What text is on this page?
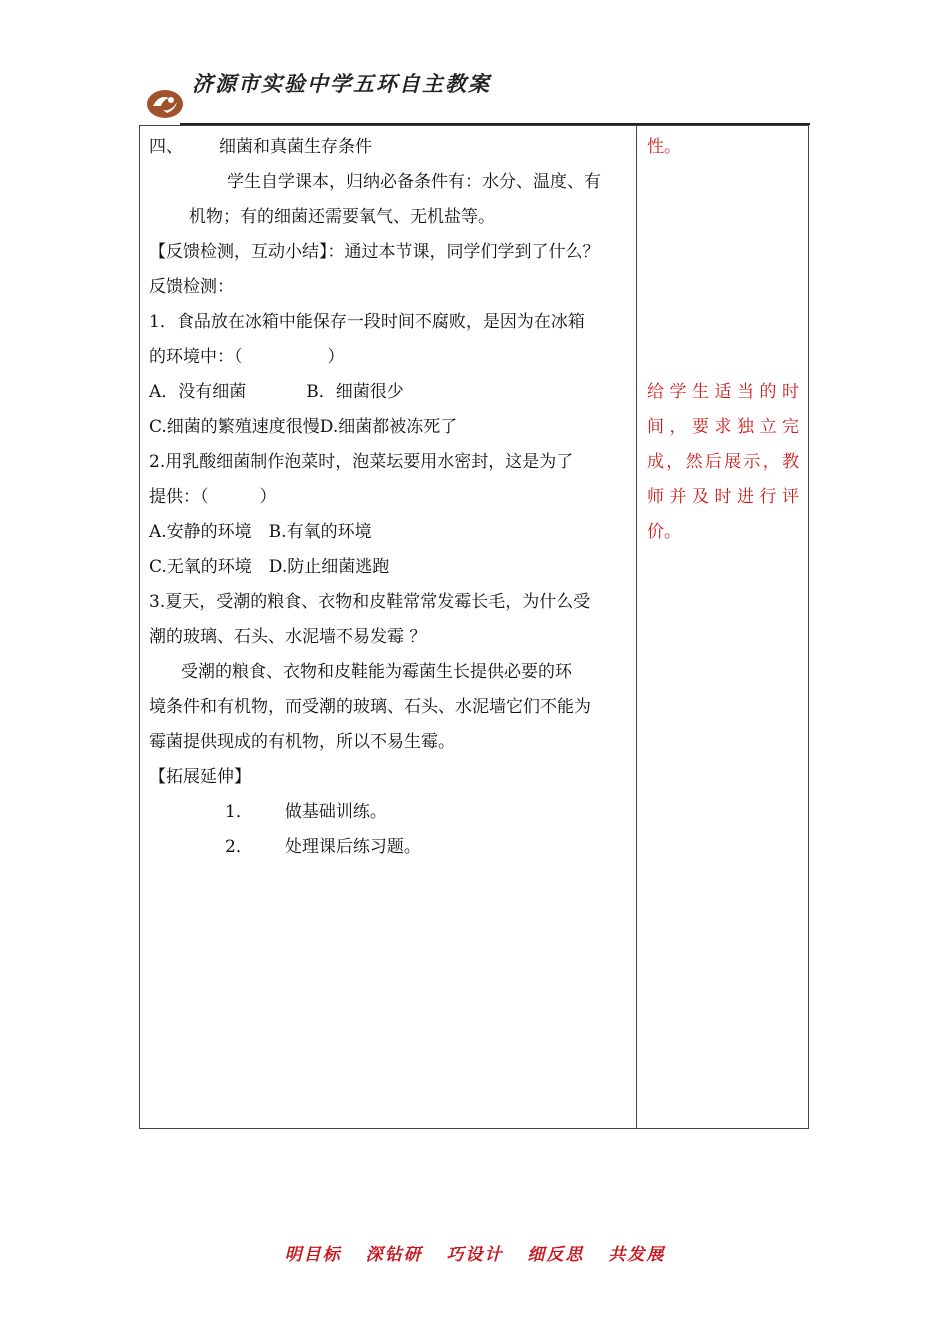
济源市实验中学五环自主教案
四、 细菌和真菌生存条件
学生自学课本，归纳必备条件有：水分、温度、有
机物；有的细菌还需要氧气、无机盐等。
【反馈检测，互动小结】：通过本节课，同学们学到了什么？
反馈检测：
1．食品放在冰箱中能保存一段时间不腐败，是因为在冰箱
的环境中：（　　　　　）
A．没有细菌	B．细菌很少
C.细菌的繁殖速度很慢D.细菌都被冻死了
2.用乳酸细菌制作泡菜时，泡菜坛要用水密封，这是为了
提供：（　　　）
A.安静的环境　B.有氧的环境
C.无氧的环境　D.防止细菌逃跑
3.夏天，受潮的粮食、衣物和皮鞋常常发霉长毛，为什么受
潮的玻璃、石头、水泥墙不易发霉 ？
受潮的粮食、衣物和皮鞋能为霉菌生长提供必要的环
境条件和有机物，而受潮的玻璃、石头、水泥墙它们不能为
霉菌提供现成的有机物，所以不易生霉。
【拓展延伸】
1． 做基础训练。
2． 处理课后练习题。
性。
给学生适当的时
间，要求独立完
成，然后展示，教
师并及时进行评
价。
明目标 深钻研 巧设计 细反思 共发展
